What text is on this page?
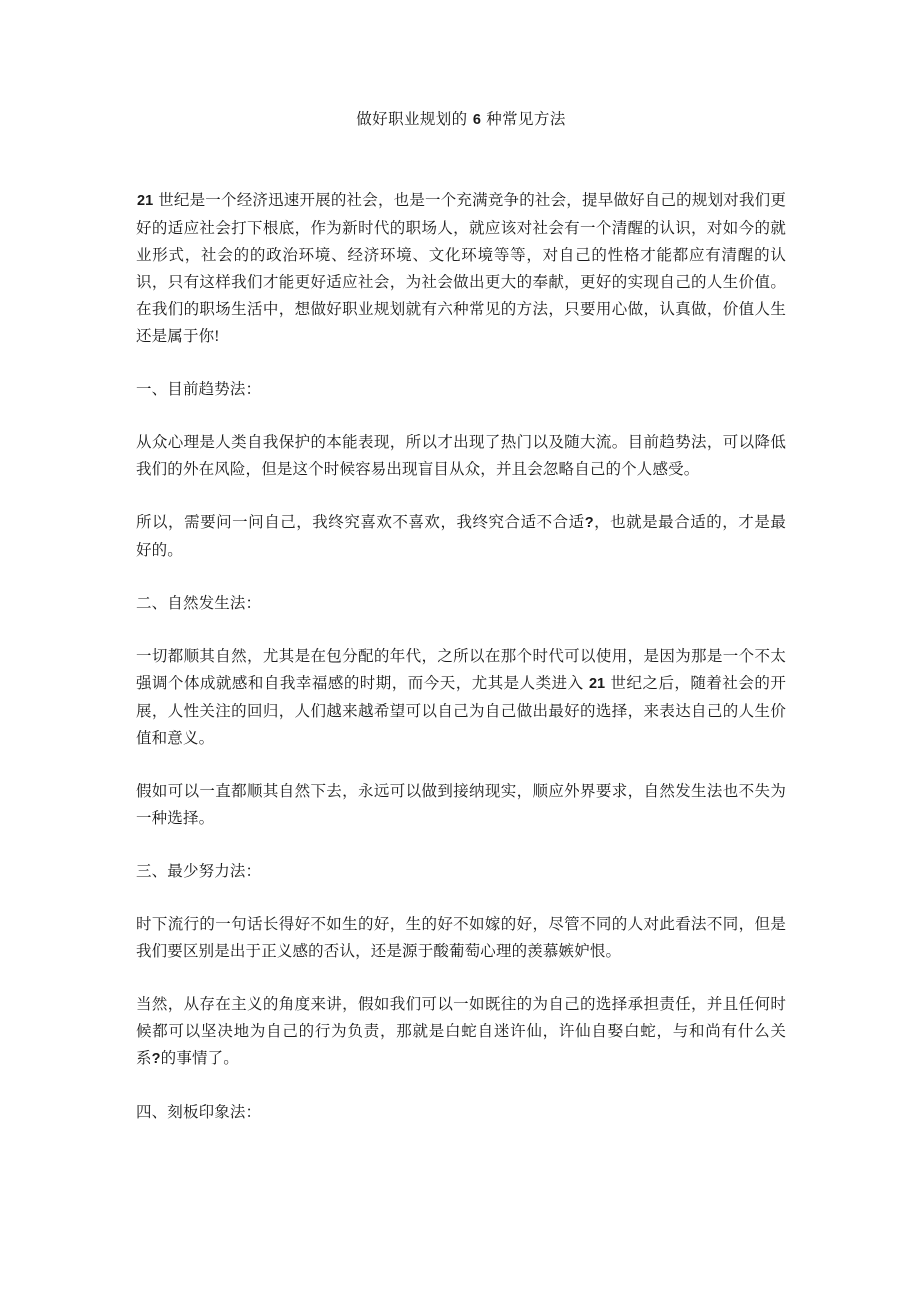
做好职业规划的 6 种常见方法

21 世纪是一个经济迅速开展的社会，也是一个充满竞争的社会，提早做好自己的规划对我们更好的适应社会打下根底，作为新时代的职场人，就应该对社会有一个清醒的认识，对如今的就业形式，社会的的政治环境、经济环境、文化环境等等，对自己的性格才能都应有清醒的认识，只有这样我们才能更好适应社会，为社会做出更大的奉献，更好的实现自己的人生价值。在我们的职场生活中，想做好职业规划就有六种常见的方法，只要用心做，认真做，价值人生还是属于你!

一、目前趋势法：

从众心理是人类自我保护的本能表现，所以才出现了热门以及随大流。目前趋势法，可以降低我们的外在风险，但是这个时候容易出现盲目从众，并且会忽略自己的个人感受。

所以，需要问一问自己，我终究喜欢不喜欢，我终究合适不合适?，也就是最合适的，才是最好的。

二、自然发生法：

一切都顺其自然，尤其是在包分配的年代，之所以在那个时代可以使用，是因为那是一个不太强调个体成就感和自我幸福感的时期，而今天，尤其是人类进入 21 世纪之后，随着社会的开展，人性关注的回归，人们越来越希望可以自己为自己做出最好的选择，来表达自己的人生价值和意义。

假如可以一直都顺其自然下去，永远可以做到接纳现实，顺应外界要求，自然发生法也不失为一种选择。

三、最少努力法：

时下流行的一句话长得好不如生的好，生的好不如嫁的好，尽管不同的人对此看法不同，但是我们要区别是出于正义感的否认，还是源于酸葡萄心理的羡慕嫉妒恨。

当然，从存在主义的角度来讲，假如我们可以一如既往的为自己的选择承担责任，并且任何时候都可以坚决地为自己的行为负责，那就是白蛇自迷许仙，许仙自娶白蛇，与和尚有什么关系?的事情了。

四、刻板印象法：
